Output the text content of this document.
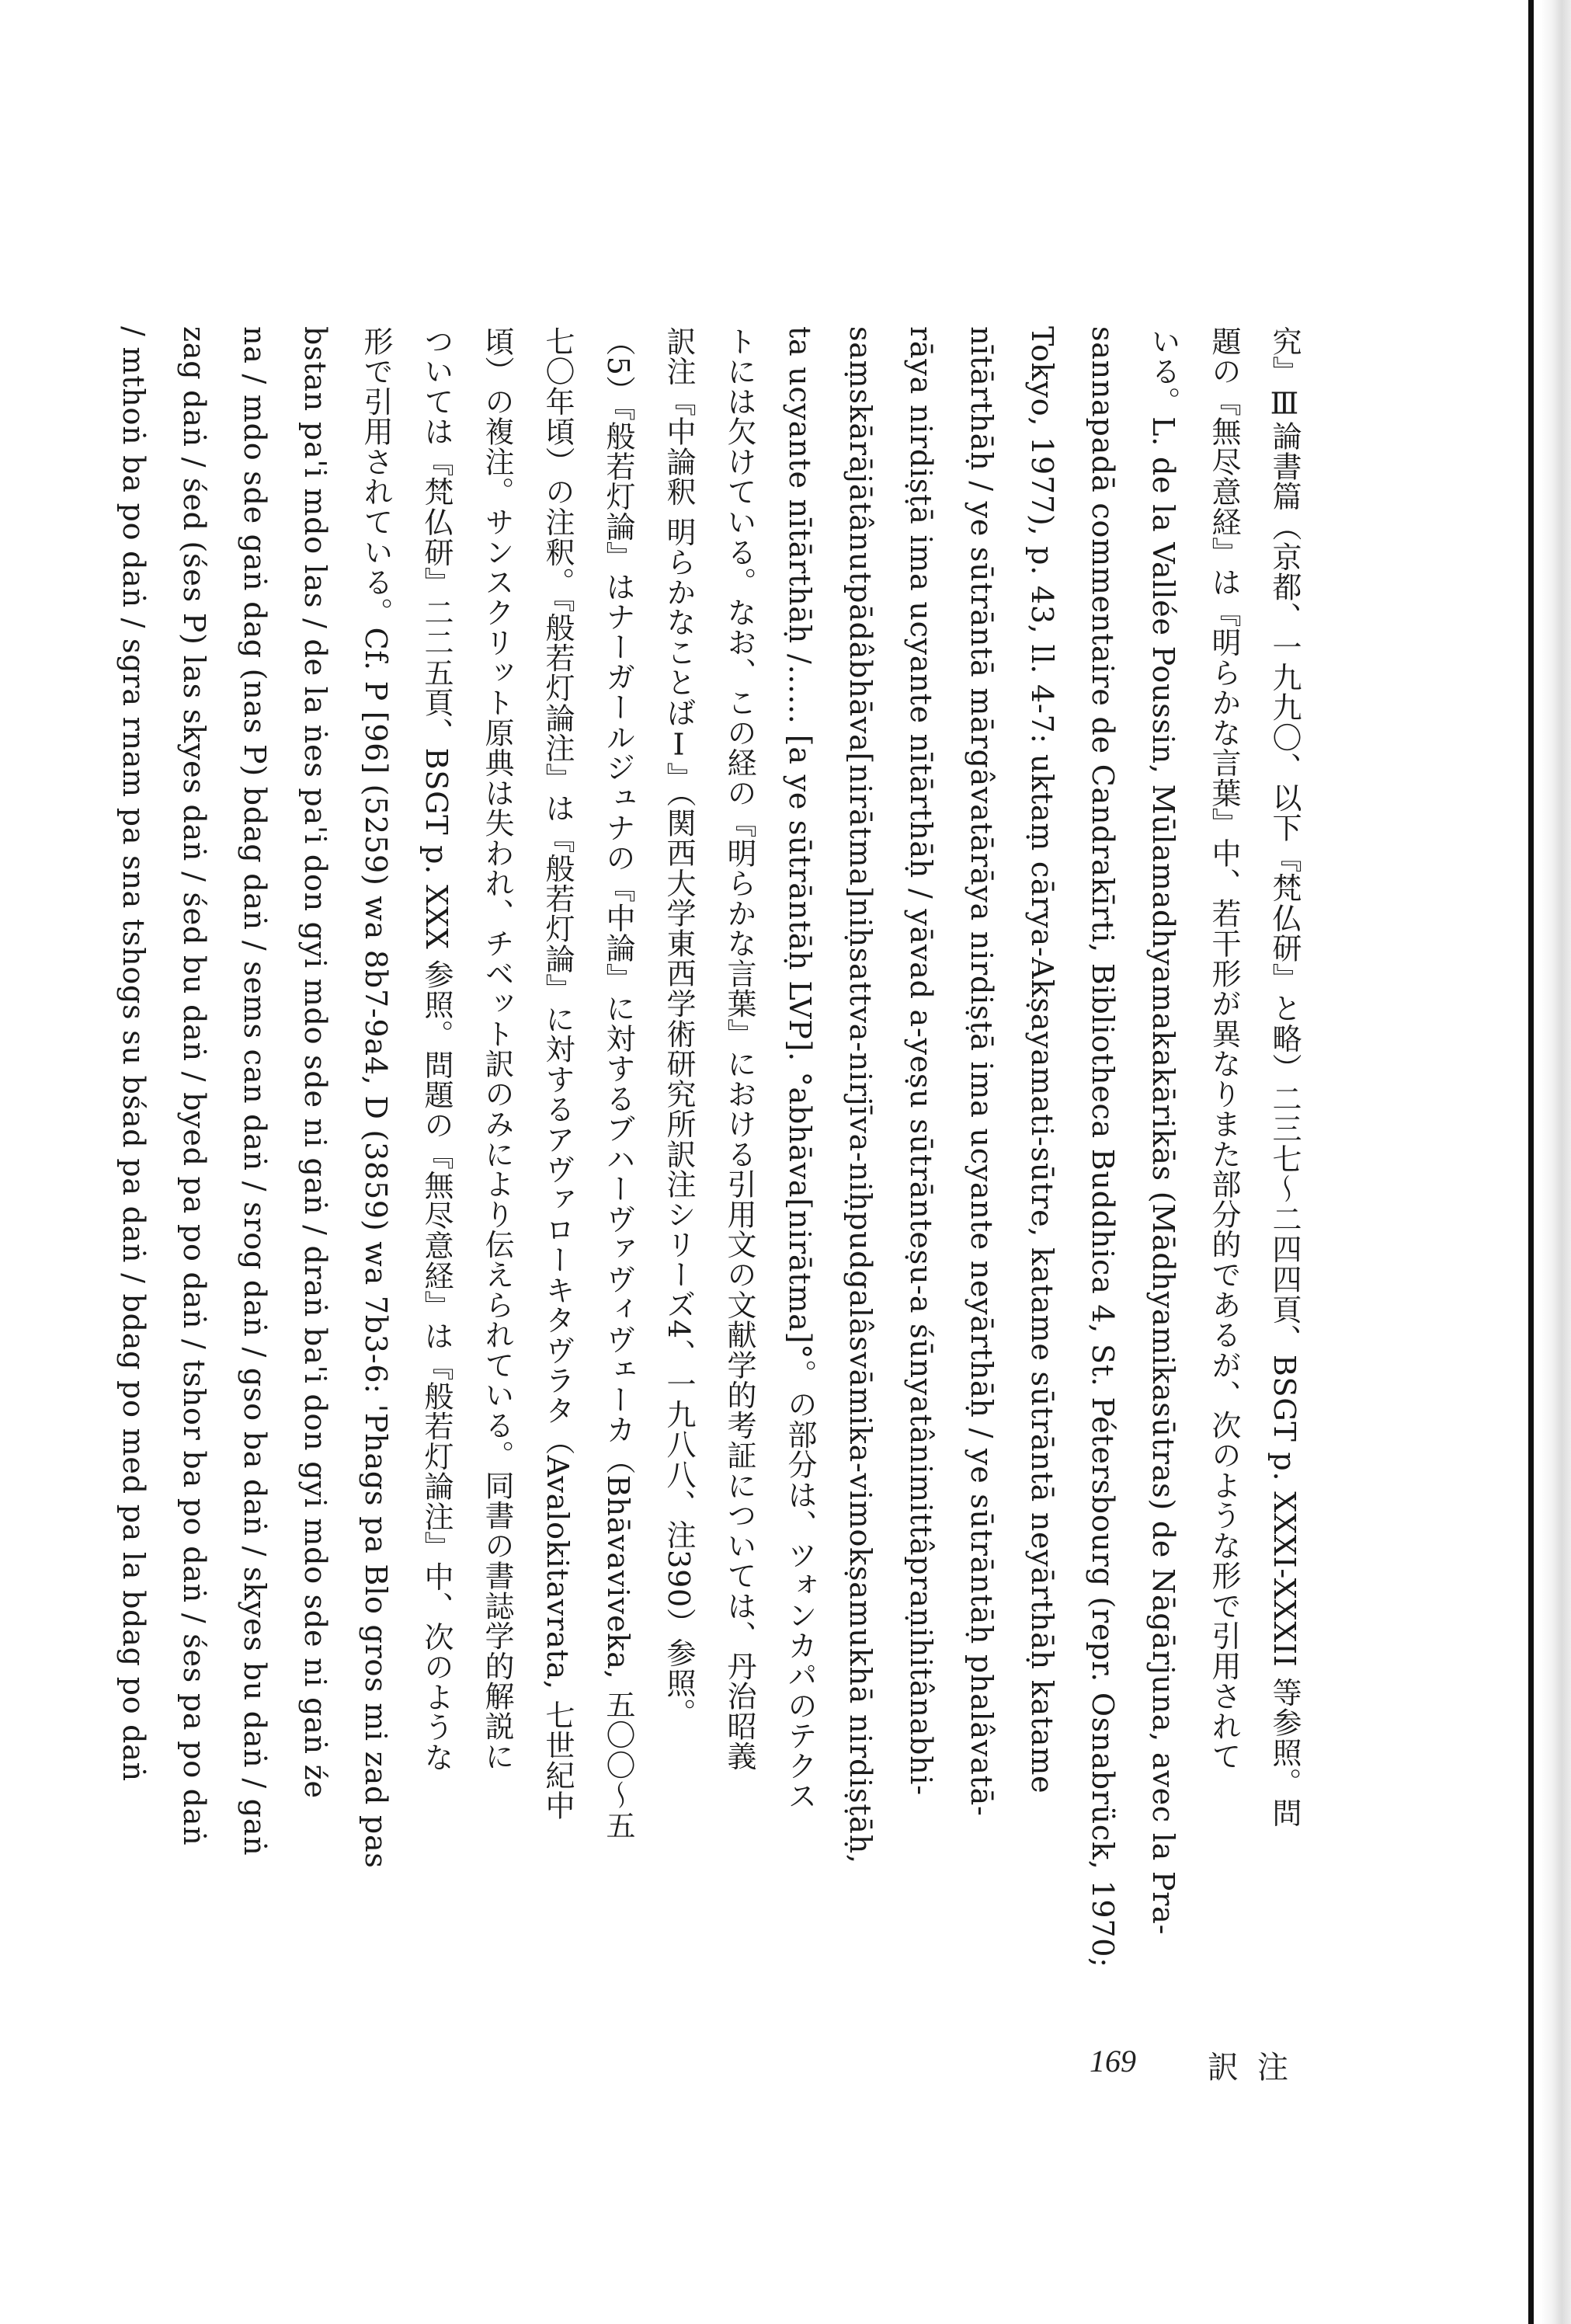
究』Ⅲ論書篇（京都、一九九〇、以下『梵仏研』と略）二三七〜二四四頁、BSGT p. XXXI-XXXII 等参照。問
題の『無尽意経』は『明らかな言葉』中、若干形が異なりまた部分的であるが、次のような形で引用されて
いる。L. de la Vallée Poussin, Mūlamadhyamakakārikās (Mādhyamikasūtras) de Nāgārjuna, avec la Pra-
sannapadā commentaire de Candrakīrti, Bibliotheca Buddhica 4, St. Pétersbourg (repr. Osnabrück, 1970;
Tokyo, 1977), p. 43, ll. 4-7: uktaṃ cārya-Akṣayamati-sūtre, katame sūtrāntā neyārthāḥ katame
nītārthāḥ / ye sūtrāntā mārgâvatārāya nirdiṣṭā ima ucyante neyārthāḥ / ye sūtrāntāḥ phalâvatā-
rāya nirdiṣṭā ima ucyante nītārthāḥ / yāvad a-yeṣu sūtrānteṣu-a śūnyatânimittâpraṇihitânabhi-
saṃskārājātânutpādâbhāva[nirātma]niḥsattva-nirjīva-niḥpudgalâsvāmika-vimokṣamukhā nirdiṣṭāḥ,
ta ucyante nītārthāḥ /…… [a ye sūtrāntāḥ LVP]. °abhāva[nirātma]°。の部分は、ツォンカパのテクス
トには欠けている。なお、この経の『明らかな言葉』における引用文の文献学的考証については、丹治昭義
訳注『中論釈 明らかなことばⅠ』（関西大学東西学術研究所訳注シリーズ4、一九八八、注390）参照。
（5）『般若灯論』はナーガールジュナの『中論』に対するブハーヴァヴィヴェーカ（Bhāvaviveka, 五〇〇〜五
七〇年頃）の注釈。『般若灯論注』は『般若灯論』に対するアヴァローキタヴラタ（Avalokitavrata, 七世紀中
頃）の複注。サンスクリット原典は失われ、チベット訳のみにより伝えられている。同書の書誌学的解説に
ついては『梵仏研』二二五頁、BSGT p. XXX 参照。問題の『無尽意経』は『般若灯論注』中、次のような
形で引用されている。Cf. P [96] (5259) wa 8b7-9a4, D (3859) wa 7b3-6: 'Phags pa Blo gros mi zad pas
bstan pa'i mdo las / de la ṅes pa'i don gyi mdo sde ni gaṅ / draṅ ba'i don gyi mdo sde ni gaṅ źe
na / mdo sde gaṅ dag (nas P) bdag daṅ / sems can daṅ / srog daṅ / gso ba daṅ / skyes bu daṅ / gaṅ
zag daṅ / śed (śes P) las skyes daṅ / śed bu daṅ / byed pa po daṅ / tshor ba po daṅ / śes pa po daṅ
/ mthoṅ ba po daṅ / sgra rnam pa sna tshogs su bśad pa daṅ / bdag po med pa la bdag po daṅ
169 訳注
